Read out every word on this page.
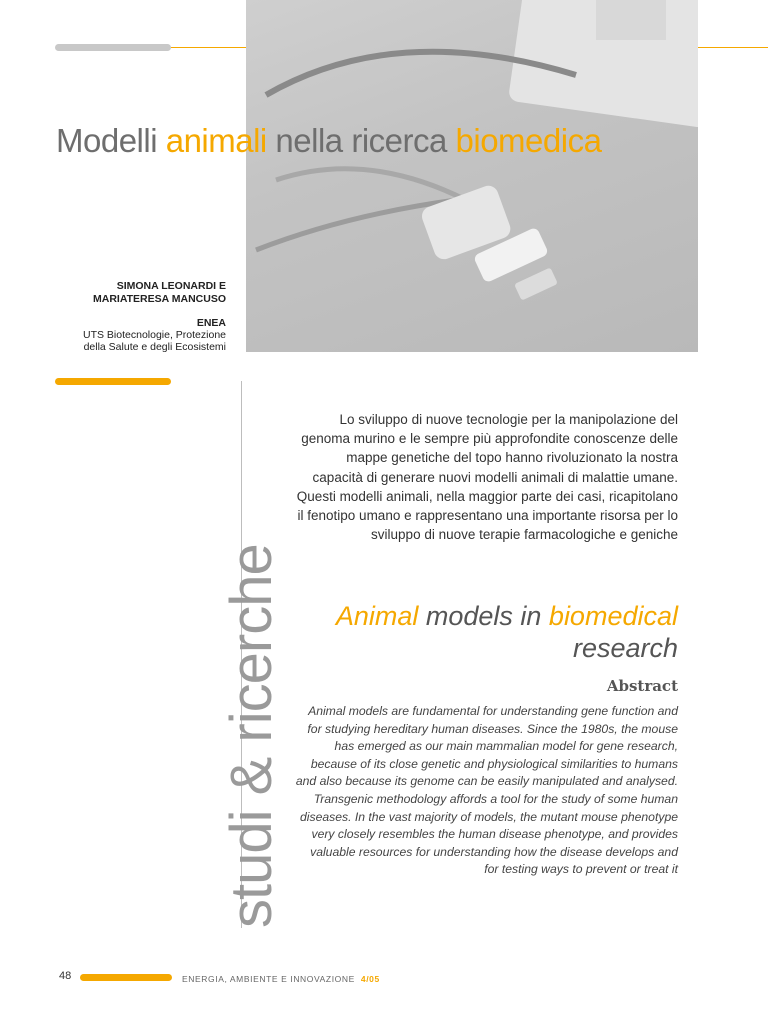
Modelli animali nella ricerca biomedica
SIMONA LEONARDI E
MARIATERESA MANCUSO
ENEA
UTS Biotecnologie, Protezione
della Salute e degli Ecosistemi
studi & ricerche
Lo sviluppo di nuove tecnologie per la manipolazione del
genoma murino e le sempre più approfondite conoscenze delle
mappe genetiche del topo hanno rivoluzionato la nostra
capacità di generare nuovi modelli animali di malattie umane.
Questi modelli animali, nella maggior parte dei casi, ricapitolano
il fenotipo umano e rappresentano una importante risorsa per lo
sviluppo di nuove terapie farmacologiche e geniche
Animal models in biomedical
research
Abstract
Animal models are fundamental for understanding gene function and
for studying hereditary human diseases. Since the 1980s, the mouse
has emerged as our main mammalian model for gene research,
because of its close genetic and physiological similarities to humans
and also because its genome can be easily manipulated and analysed.
Transgenic methodology affords a tool for the study of some human
diseases. In the vast majority of models, the mutant mouse phenotype
very closely resembles the human disease phenotype, and provides
valuable resources for understanding how the disease develops and
for testing ways to prevent or treat it
48	ENERGIA, AMBIENTE E INNOVAZIONE 4/05
